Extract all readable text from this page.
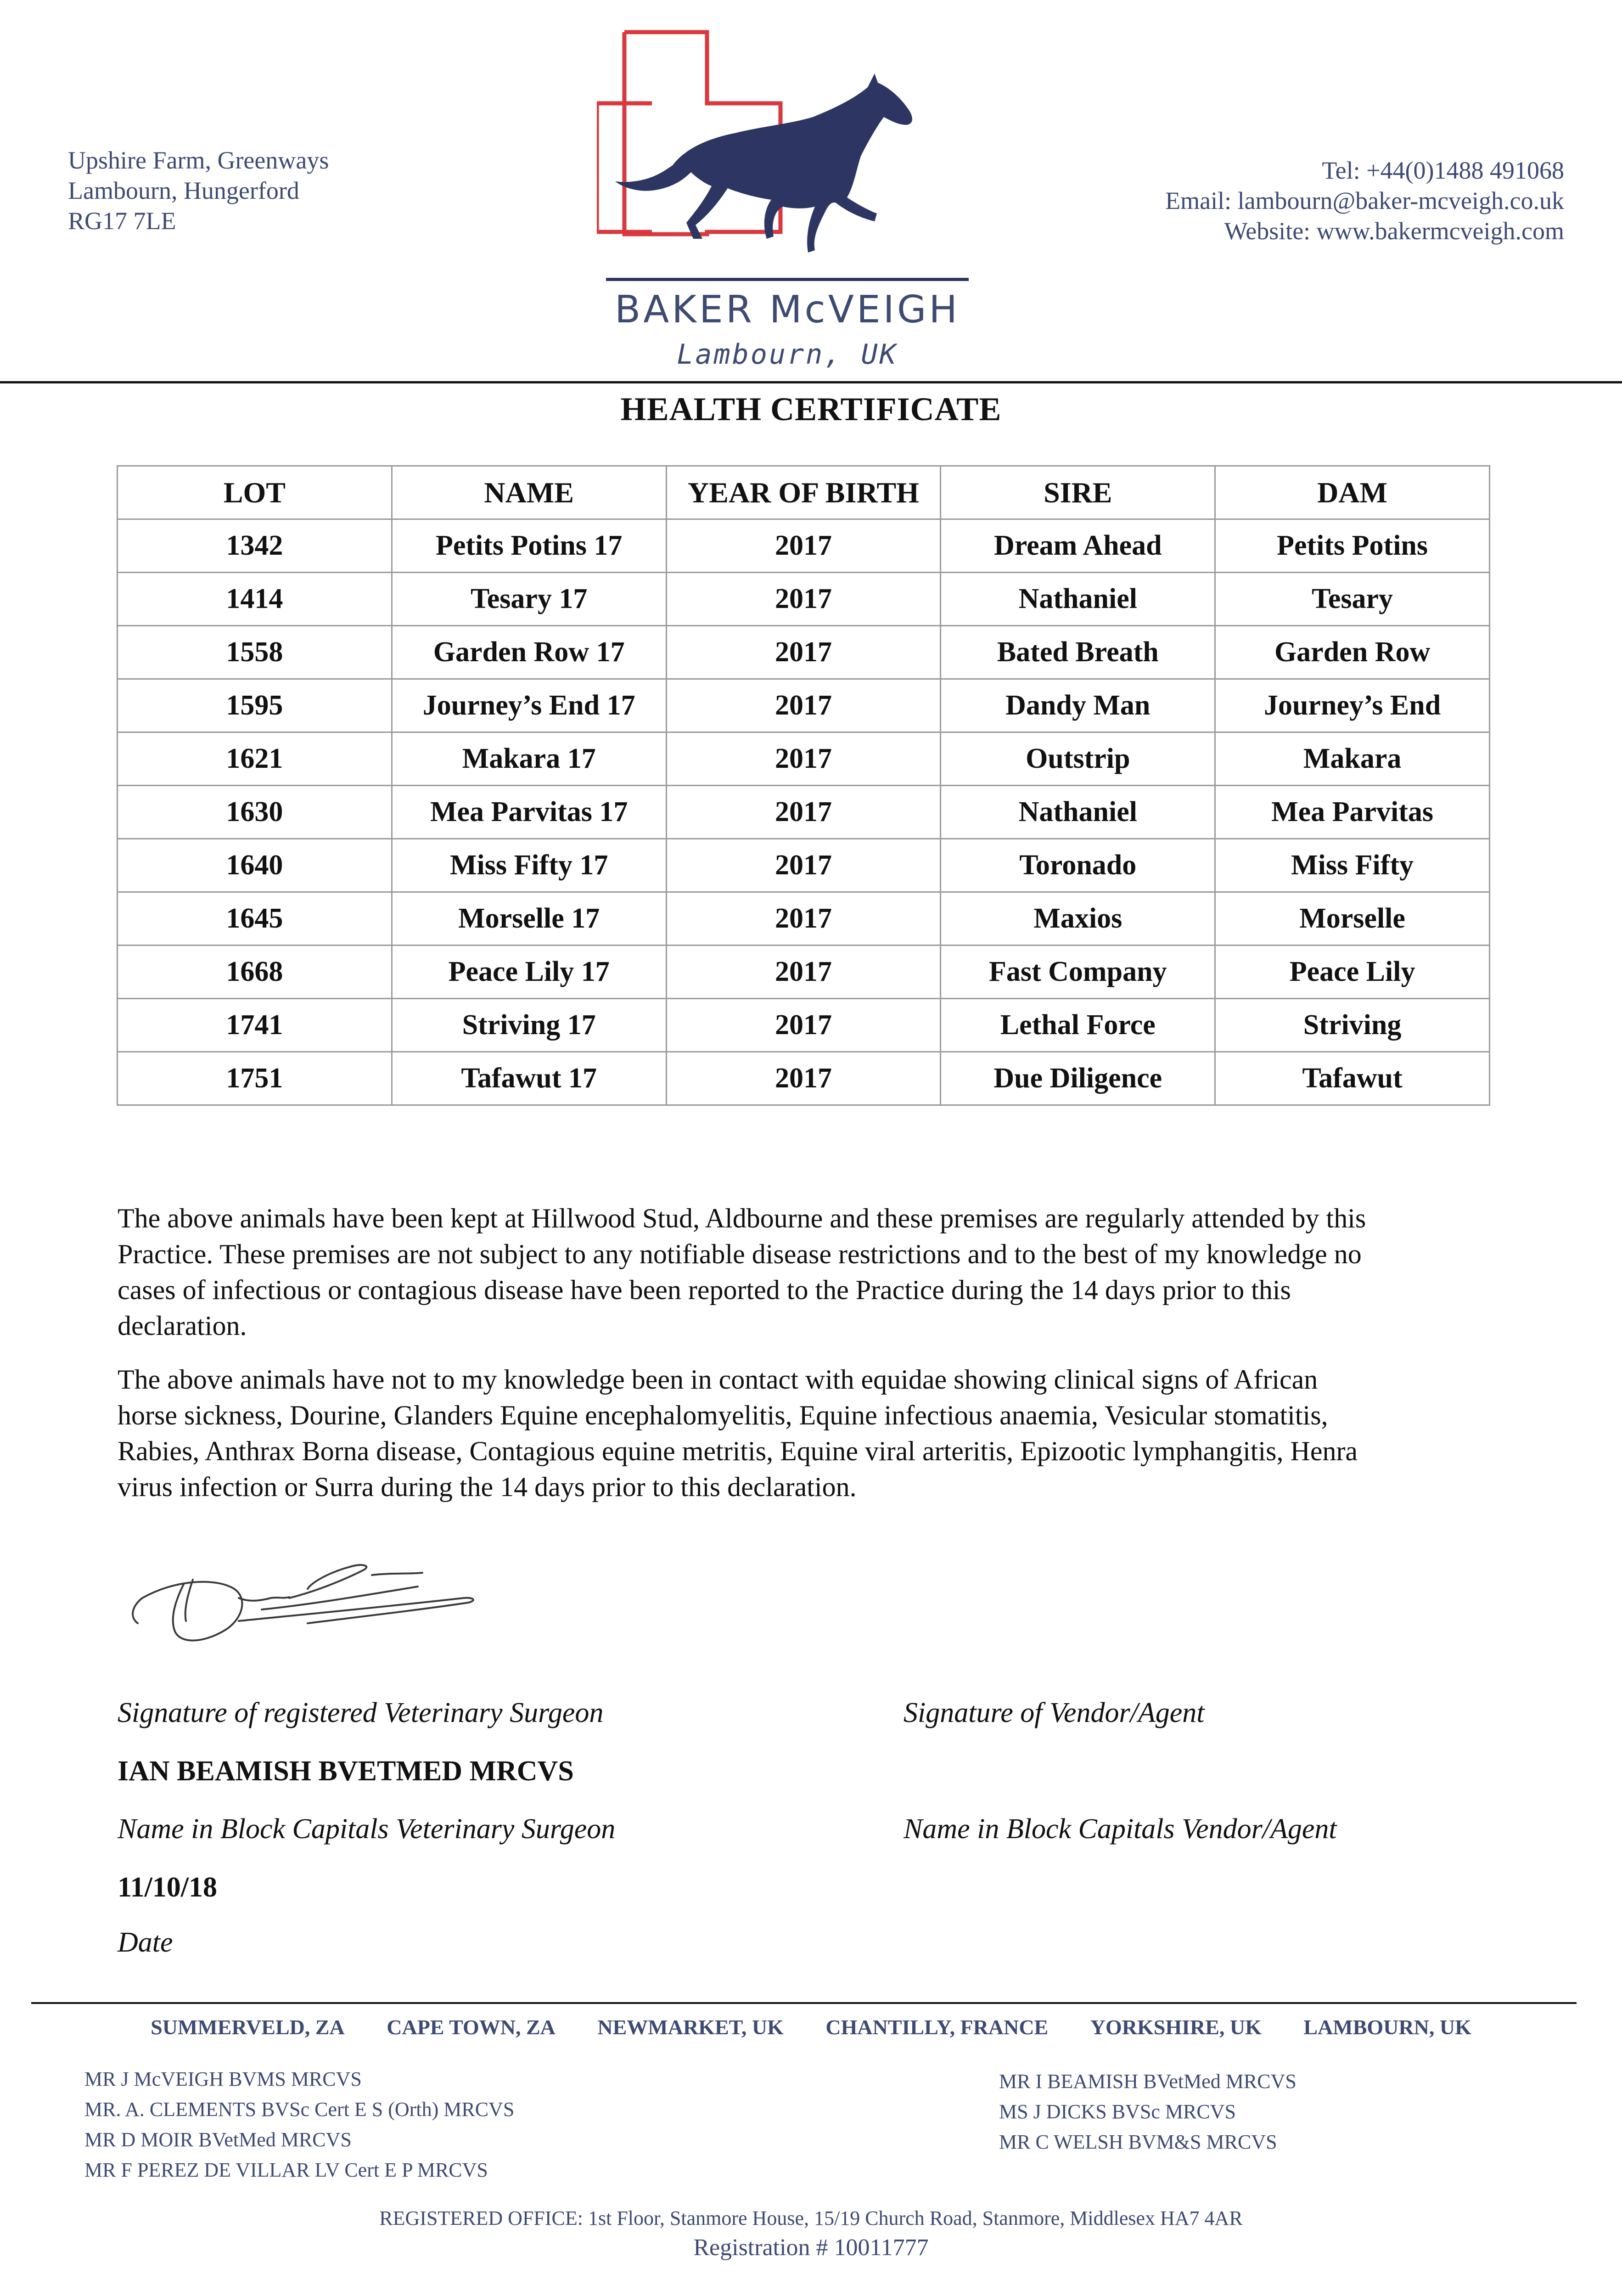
Upshire Farm, Greenways
Lambourn, Hungerford
RG17 7LE
BAKER McVEIGH
Lambourn, UK
Tel: +44(0)1488 491068
Email: lambourn@baker-mcveigh.co.uk
Website: www.bakermcveigh.com
HEALTH CERTIFICATE
LOT	NAME	YEAR OF BIRTH	SIRE	DAM
1342	Petits Potins 17	2017	Dream Ahead	Petits Potins
1414	Tesary 17	2017	Nathaniel	Tesary
1558	Garden Row 17	2017	Bated Breath	Garden Row
1595	Journey’s End 17	2017	Dandy Man	Journey’s End
1621	Makara 17	2017	Outstrip	Makara
1630	Mea Parvitas 17	2017	Nathaniel	Mea Parvitas
1640	Miss Fifty 17	2017	Toronado	Miss Fifty
1645	Morselle 17	2017	Maxios	Morselle
1668	Peace Lily 17	2017	Fast Company	Peace Lily
1741	Striving 17	2017	Lethal Force	Striving
1751	Tafawut 17	2017	Due Diligence	Tafawut
The above animals have been kept at Hillwood Stud, Aldbourne and these premises are regularly attended by this
Practice. These premises are not subject to any notifiable disease restrictions and to the best of my knowledge no
cases of infectious or contagious disease have been reported to the Practice during the 14 days prior to this
declaration.
The above animals have not to my knowledge been in contact with equidae showing clinical signs of African
horse sickness, Dourine, Glanders Equine encephalomyelitis, Equine infectious anaemia, Vesicular stomatitis,
Rabies, Anthrax Borna disease, Contagious equine metritis, Equine viral arteritis, Epizootic lymphangitis, Henra
virus infection or Surra during the 14 days prior to this declaration.
Signature of registered Veterinary Surgeon	Signature of Vendor/Agent
IAN BEAMISH BVETMED MRCVS
Name in Block Capitals Veterinary Surgeon	Name in Block Capitals Vendor/Agent
11/10/18
Date
SUMMERVELD, ZA CAPE TOWN, ZA NEWMARKET, UK CHANTILLY, FRANCE YORKSHIRE, UK LAMBOURN, UK
MR J McVEIGH BVMS MRCVS
MR. A. CLEMENTS BVSc Cert E S (Orth) MRCVS
MR D MOIR BVetMed MRCVS
MR F PEREZ DE VILLAR LV Cert E P MRCVS
MR I BEAMISH BVetMed MRCVS
MS J DICKS BVSc MRCVS
MR C WELSH BVM&S MRCVS
REGISTERED OFFICE: 1st Floor, Stanmore House, 15/19 Church Road, Stanmore, Middlesex HA7 4AR
Registration # 10011777
